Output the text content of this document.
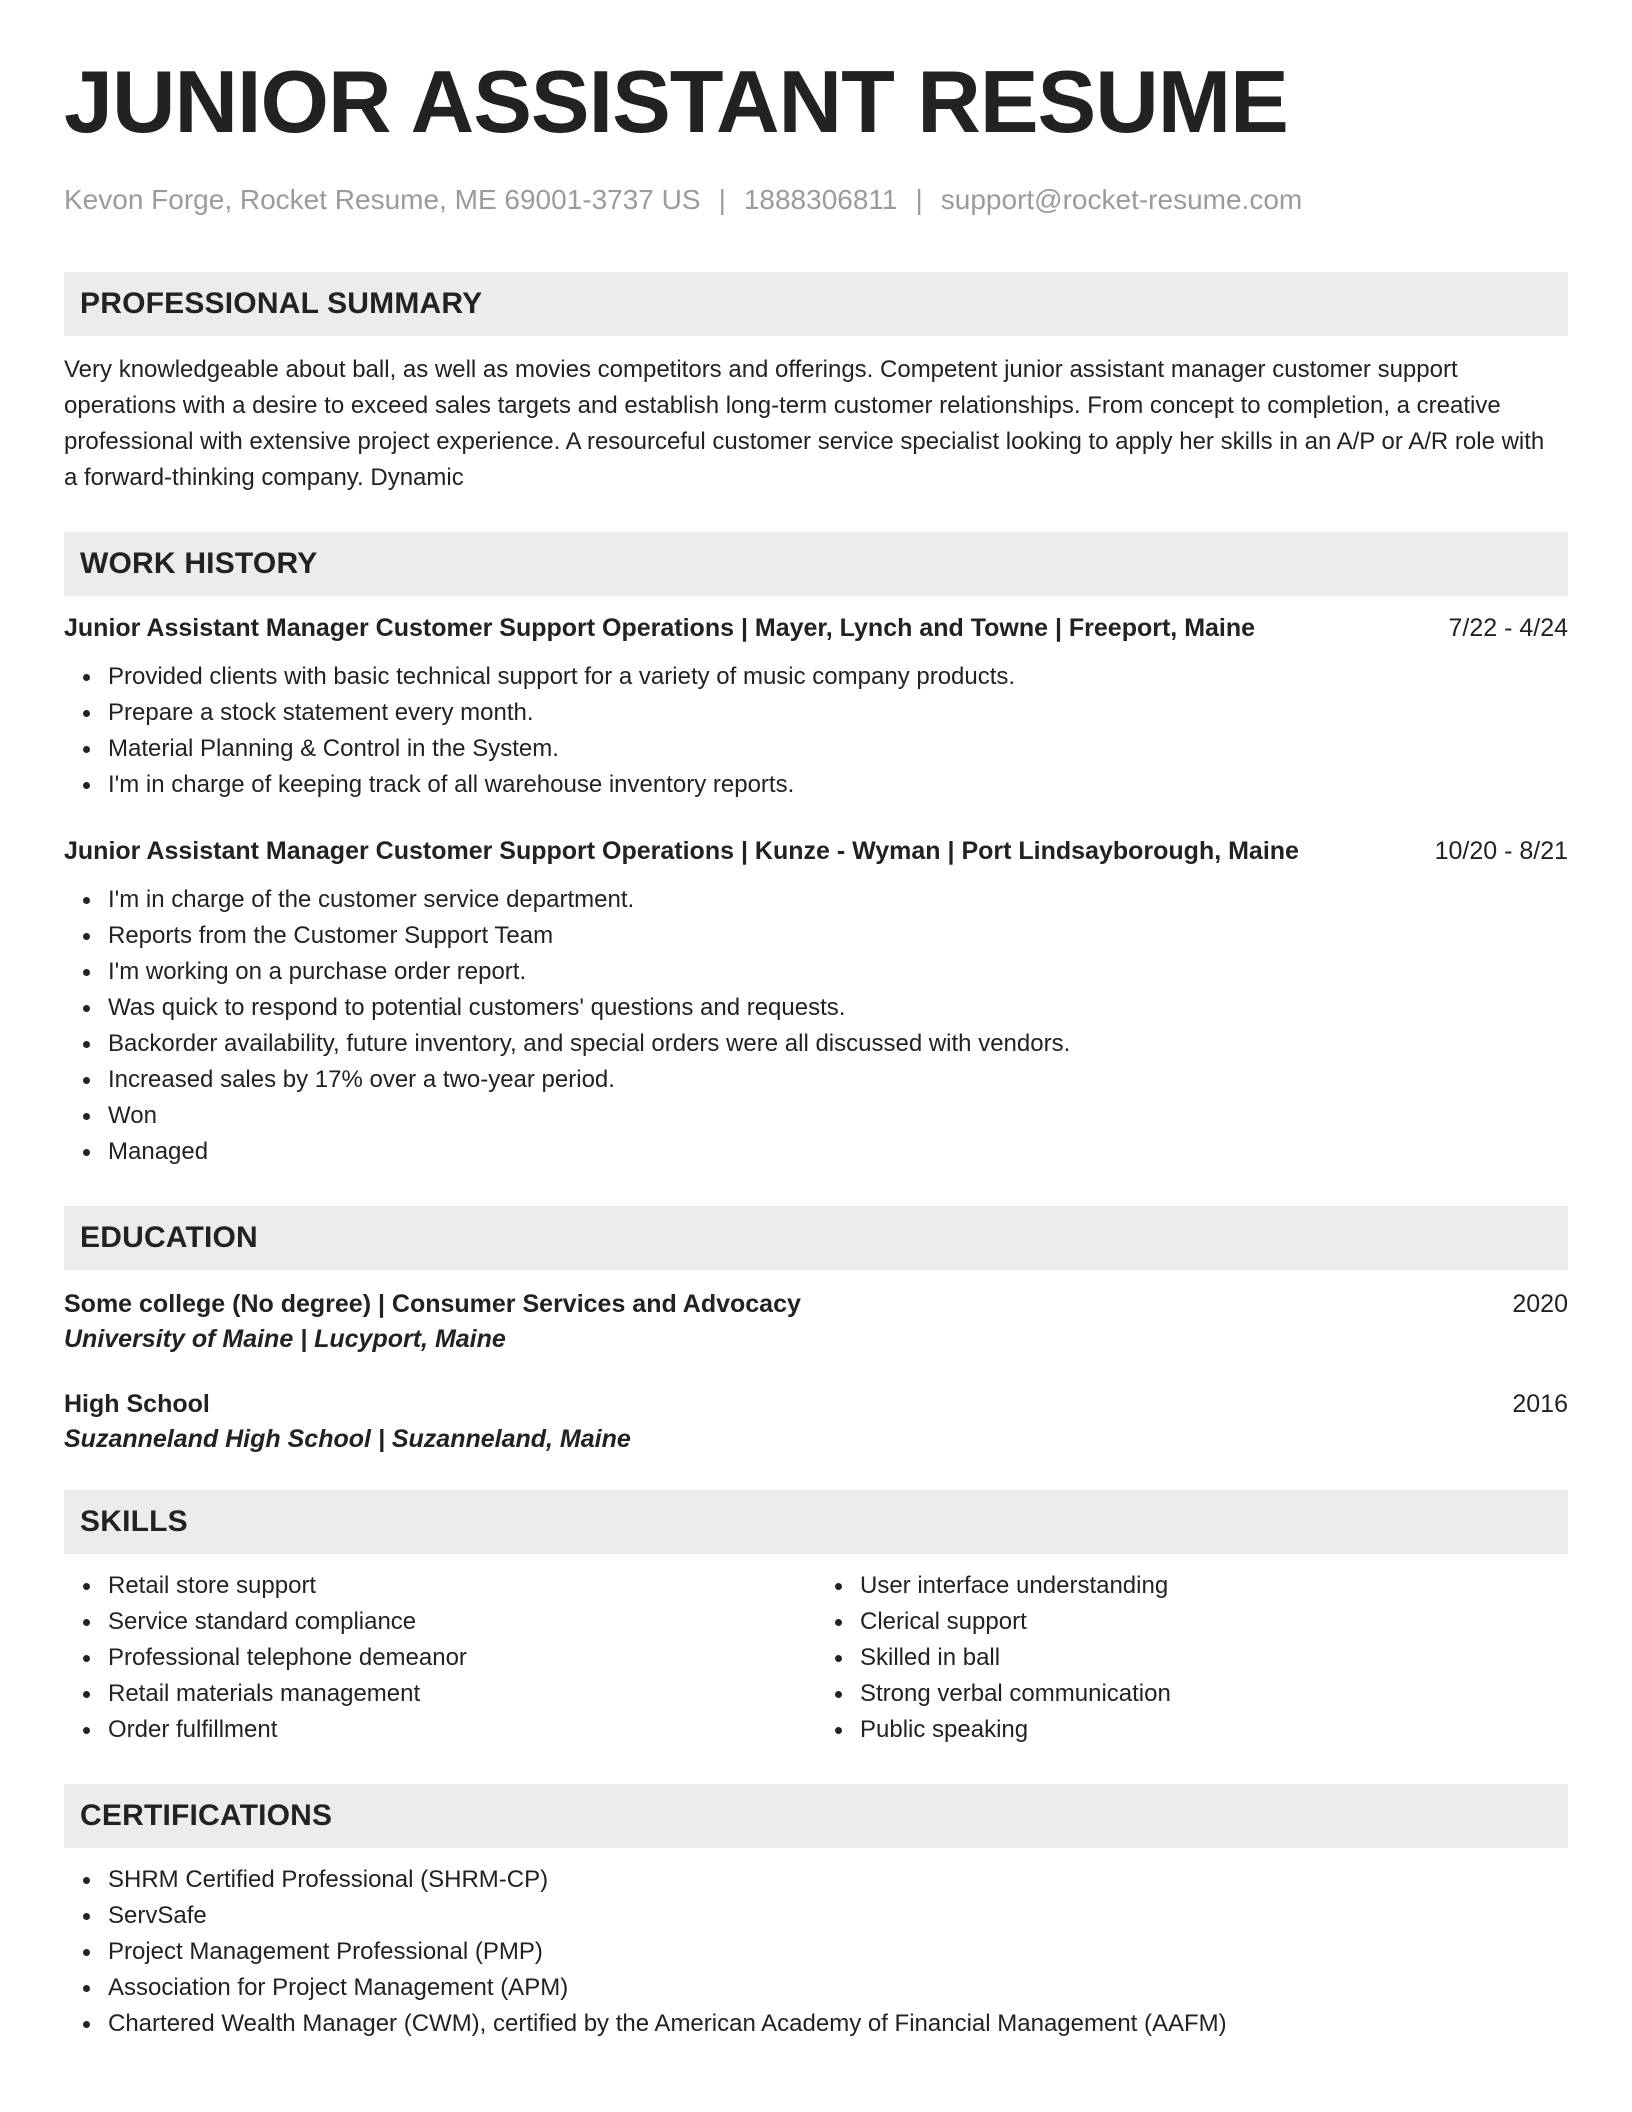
JUNIOR ASSISTANT RESUME
Kevon Forge, Rocket Resume, ME 69001-3737 US | 1888306811 | support@rocket-resume.com
PROFESSIONAL SUMMARY
Very knowledgeable about ball, as well as movies competitors and offerings. Competent junior assistant manager customer support operations with a desire to exceed sales targets and establish long-term customer relationships. From concept to completion, a creative professional with extensive project experience. A resourceful customer service specialist looking to apply her skills in an A/P or A/R role with a forward-thinking company. Dynamic
WORK HISTORY
Junior Assistant Manager Customer Support Operations | Mayer, Lynch and Towne | Freeport, Maine	7/22 - 4/24
Provided clients with basic technical support for a variety of music company products.
Prepare a stock statement every month.
Material Planning & Control in the System.
I'm in charge of keeping track of all warehouse inventory reports.
Junior Assistant Manager Customer Support Operations | Kunze - Wyman | Port Lindsayborough, Maine	10/20 - 8/21
I'm in charge of the customer service department.
Reports from the Customer Support Team
I'm working on a purchase order report.
Was quick to respond to potential customers' questions and requests.
Backorder availability, future inventory, and special orders were all discussed with vendors.
Increased sales by 17% over a two-year period.
Won
Managed
EDUCATION
Some college (No degree) | Consumer Services and Advocacy	2020
University of Maine | Lucyport, Maine
High School	2016
Suzanneland High School | Suzanneland, Maine
SKILLS
Retail store support
Service standard compliance
Professional telephone demeanor
Retail materials management
Order fulfillment
User interface understanding
Clerical support
Skilled in ball
Strong verbal communication
Public speaking
CERTIFICATIONS
SHRM Certified Professional (SHRM-CP)
ServSafe
Project Management Professional (PMP)
Association for Project Management (APM)
Chartered Wealth Manager (CWM), certified by the American Academy of Financial Management (AAFM)
